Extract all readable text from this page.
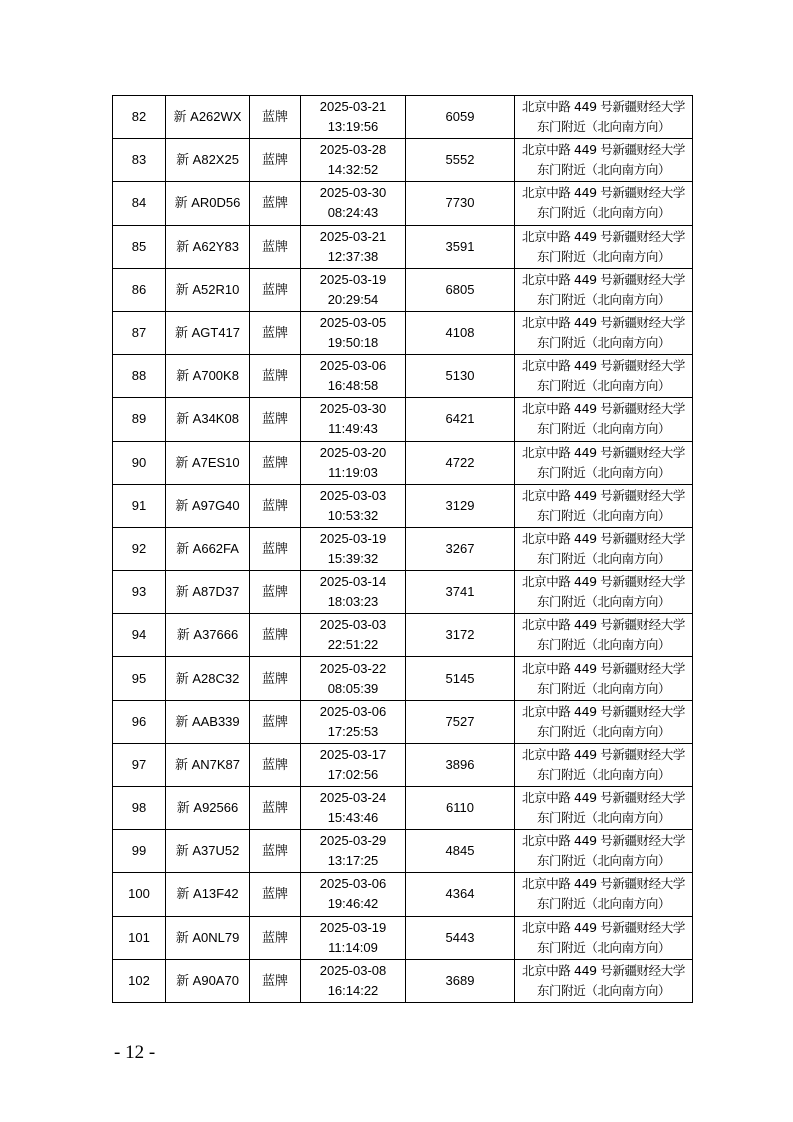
82	新 A262WX	蓝牌	2025-03-21
13:19:56	6059	北京中路 449 号新疆财经大学
东门附近（北向南方向）

83	新 A82X25	蓝牌	2025-03-28
14:32:52	5552	北京中路 449 号新疆财经大学
东门附近（北向南方向）

84	新 AR0D56	蓝牌	2025-03-30
08:24:43	7730	北京中路 449 号新疆财经大学
东门附近（北向南方向）

85	新 A62Y83	蓝牌	2025-03-21
12:37:38	3591	北京中路 449 号新疆财经大学
东门附近（北向南方向）

86	新 A52R10	蓝牌	2025-03-19
20:29:54	6805	北京中路 449 号新疆财经大学
东门附近（北向南方向）

87	新 AGT417	蓝牌	2025-03-05
19:50:18	4108	北京中路 449 号新疆财经大学
东门附近（北向南方向）

88	新 A700K8	蓝牌	2025-03-06
16:48:58	5130	北京中路 449 号新疆财经大学
东门附近（北向南方向）

89	新 A34K08	蓝牌	2025-03-30
11:49:43	6421	北京中路 449 号新疆财经大学
东门附近（北向南方向）

90	新 A7ES10	蓝牌	2025-03-20
11:19:03	4722	北京中路 449 号新疆财经大学
东门附近（北向南方向）

91	新 A97G40	蓝牌	2025-03-03
10:53:32	3129	北京中路 449 号新疆财经大学
东门附近（北向南方向）

92	新 A662FA	蓝牌	2025-03-19
15:39:32	3267	北京中路 449 号新疆财经大学
东门附近（北向南方向）

93	新 A87D37	蓝牌	2025-03-14
18:03:23	3741	北京中路 449 号新疆财经大学
东门附近（北向南方向）

94	新 A37666	蓝牌	2025-03-03
22:51:22	3172	北京中路 449 号新疆财经大学
东门附近（北向南方向）

95	新 A28C32	蓝牌	2025-03-22
08:05:39	5145	北京中路 449 号新疆财经大学
东门附近（北向南方向）

96	新 AAB339	蓝牌	2025-03-06
17:25:53	7527	北京中路 449 号新疆财经大学
东门附近（北向南方向）

97	新 AN7K87	蓝牌	2025-03-17
17:02:56	3896	北京中路 449 号新疆财经大学
东门附近（北向南方向）

98	新 A92566	蓝牌	2025-03-24
15:43:46	6110	北京中路 449 号新疆财经大学
东门附近（北向南方向）

99	新 A37U52	蓝牌	2025-03-29
13:17:25	4845	北京中路 449 号新疆财经大学
东门附近（北向南方向）

100	新 A13F42	蓝牌	2025-03-06
19:46:42	4364	北京中路 449 号新疆财经大学
东门附近（北向南方向）

101	新 A0NL79	蓝牌	2025-03-19
11:14:09	5443	北京中路 449 号新疆财经大学
东门附近（北向南方向）

102	新 A90A70	蓝牌	2025-03-08
16:14:22	3689	北京中路 449 号新疆财经大学
东门附近（北向南方向）
- 12 -
